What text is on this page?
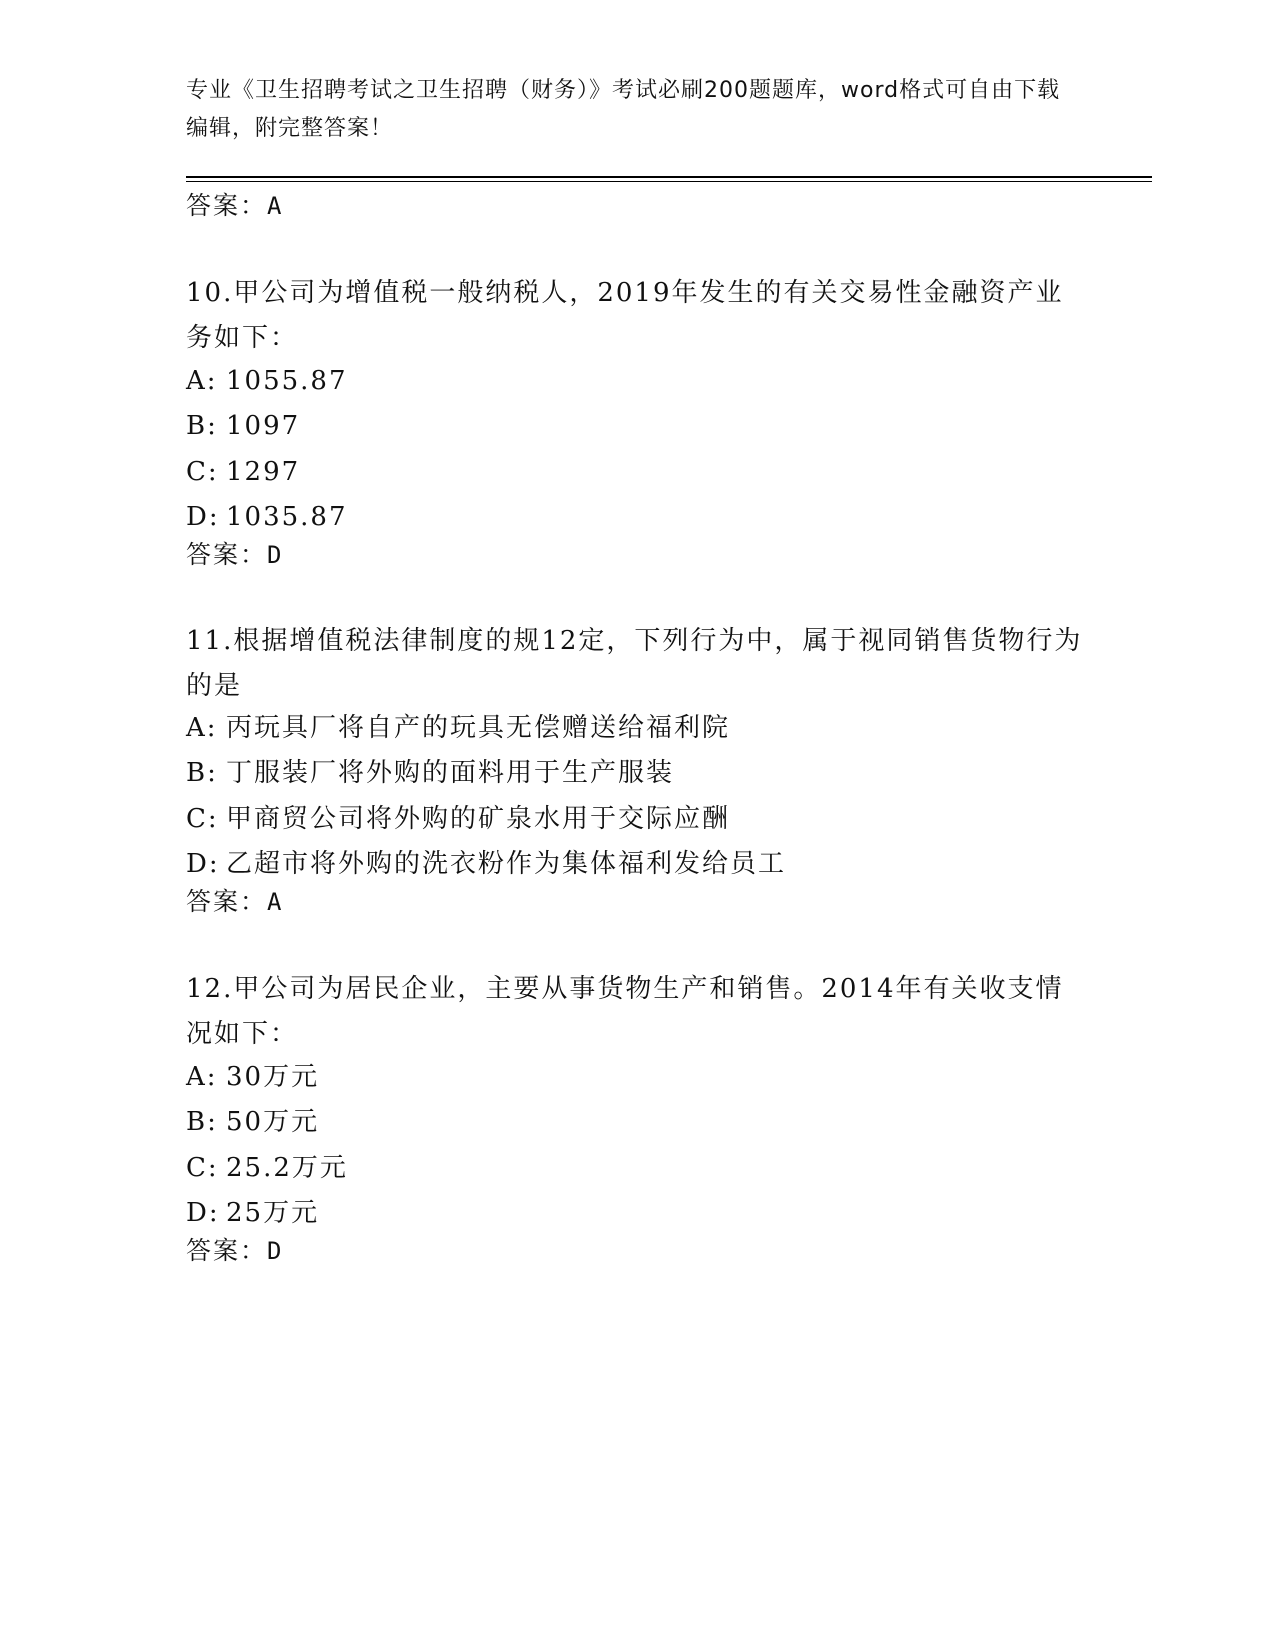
专业《卫生招聘考试之卫生招聘（财务）》考试必刷200题题库，word格式可自由下载编辑，附完整答案！
答案：A
10.甲公司为增值税一般纳税人，2019年发生的有关交易性金融资产业务如下：
A: 1055.87
B: 1097
C: 1297
D: 1035.87
答案：D
11.根据增值税法律制度的规12定，下列行为中，属于视同销售货物行为的是
A: 丙玩具厂将自产的玩具无偿赠送给福利院
B: 丁服装厂将外购的面料用于生产服装
C: 甲商贸公司将外购的矿泉水用于交际应酬
D: 乙超市将外购的洗衣粉作为集体福利发给员工
答案：A
12.甲公司为居民企业，主要从事货物生产和销售。2014年有关收支情况如下：
A: 30万元
B: 50万元
C: 25.2万元
D: 25万元
答案：D
